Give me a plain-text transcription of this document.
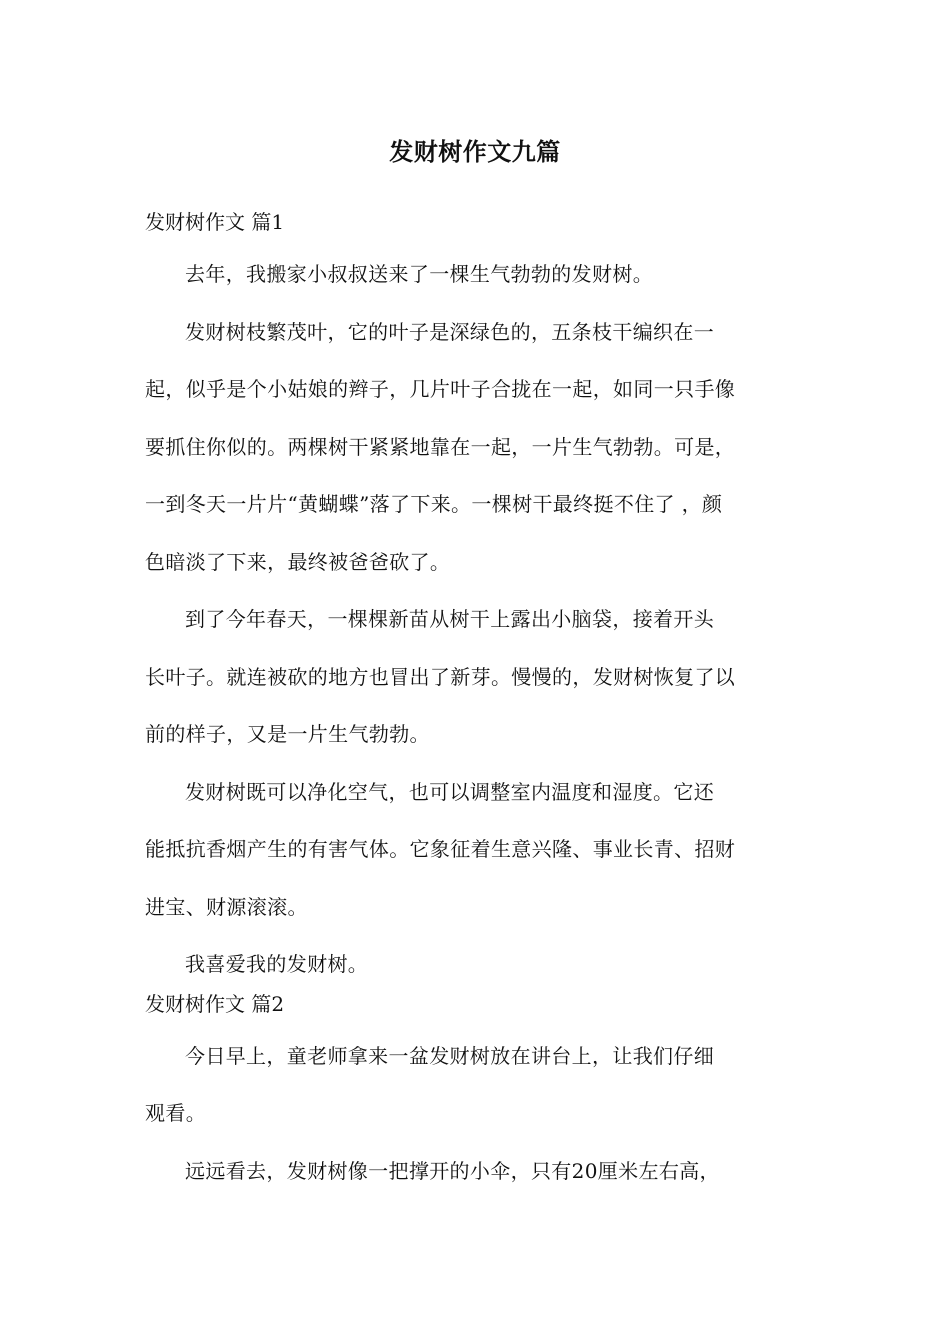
发财树作文九篇
发财树作文 篇1

去年，我搬家小叔叔送来了一棵生气勃勃的发财树。

发财树枝繁茂叶，它的叶子是深绿色的，五条枝干编织在一
起，似乎是个小姑娘的辫子，几片叶子合拢在一起，如同一只手像
要抓住你似的。两棵树干紧紧地靠在一起，一片生气勃勃。可是，
一到冬天一片片“黄蝴蝶”落了下来。一棵树干最终挺不住了 ，颜
色暗淡了下来，最终被爸爸砍了。

到了今年春天，一棵棵新苗从树干上露出小脑袋，接着开头
长叶子。就连被砍的地方也冒出了新芽。慢慢的，发财树恢复了以
前的样子，又是一片生气勃勃。

发财树既可以净化空气，也可以调整室内温度和湿度。它还
能抵抗香烟产生的有害气体。它象征着生意兴隆、事业长青、招财
进宝、财源滚滚。

我喜爱我的发财树。

发财树作文 篇2

今日早上，童老师拿来一盆发财树放在讲台上，让我们仔细
观看。

远远看去，发财树像一把撑开的小伞，只有20厘米左右高，
